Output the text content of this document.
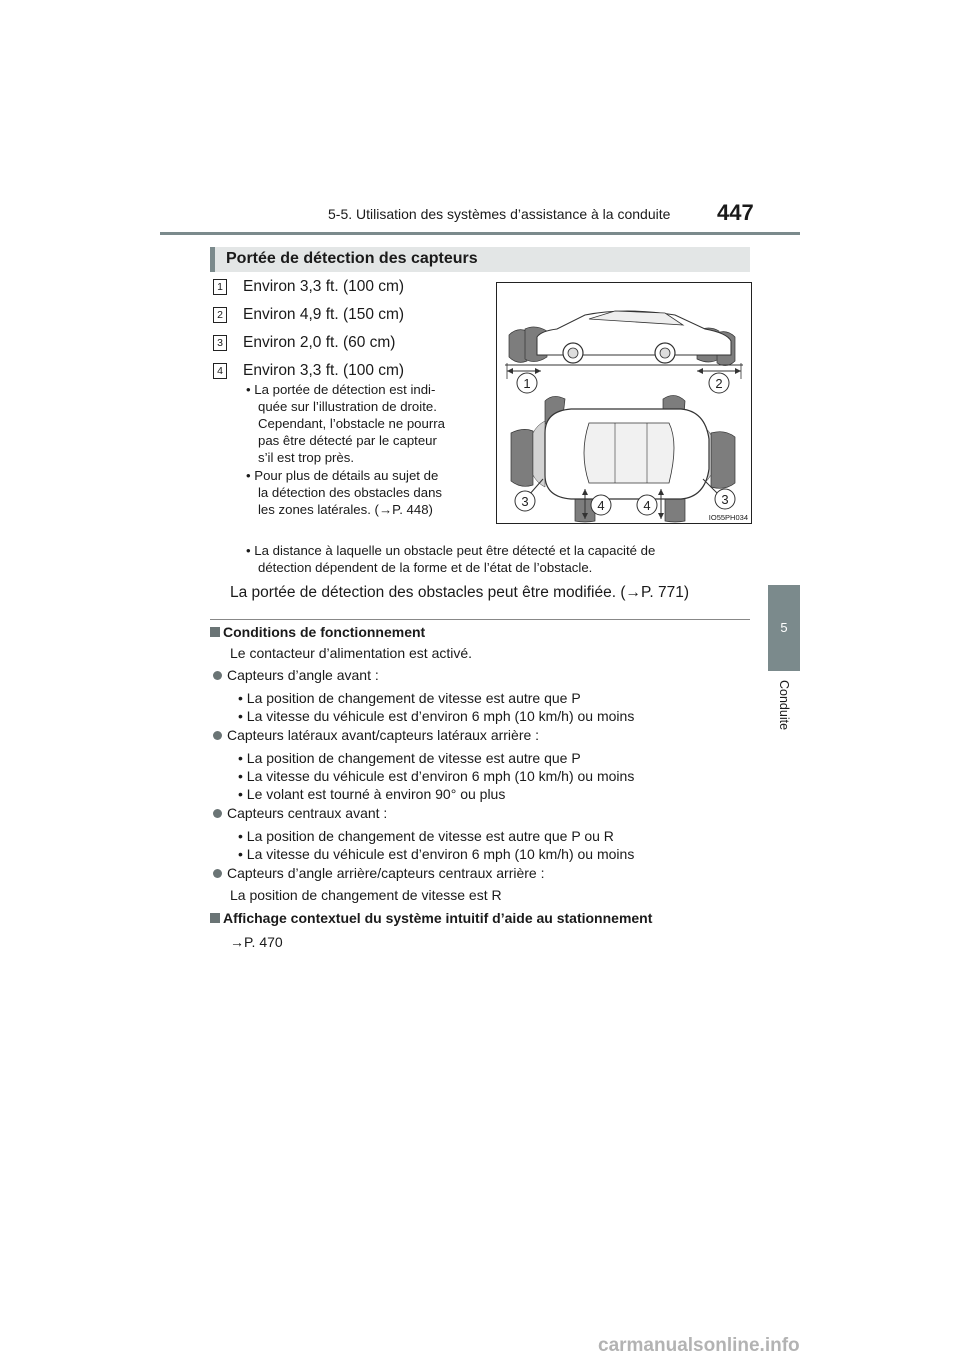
5-5. Utilisation des systèmes d’assistance à la conduite 447
5
Conduite
Portée de détection des capteurs
1 Environ 3,3 ft. (100 cm)
2 Environ 4,9 ft. (150 cm)
3 Environ 2,0 ft. (60 cm)
4 Environ 3,3 ft. (100 cm)
• La portée de détection est indi-
quée sur l’illustration de droite.
Cependant, l’obstacle ne pourra
pas être détecté par le capteur
s’il est trop près.
• Pour plus de détails au sujet de
la détection des obstacles dans
les zones latérales. (→P. 448)
• La distance à laquelle un obstacle peut être détecté et la capacité de
détection dépendent de la forme et de l’état de l’obstacle.
La portée de détection des obstacles peut être modifiée. (→P. 771)
1	2
3	4	4	3
IO55PH034
Conditions de fonctionnement
Le contacteur d’alimentation est activé.
Capteurs d’angle avant :
• La position de changement de vitesse est autre que P
• La vitesse du véhicule est d’environ 6 mph (10 km/h) ou moins
Capteurs latéraux avant/capteurs latéraux arrière :
• La position de changement de vitesse est autre que P
• La vitesse du véhicule est d’environ 6 mph (10 km/h) ou moins
• Le volant est tourné à environ 90° ou plus
Capteurs centraux avant :
• La position de changement de vitesse est autre que P ou R
• La vitesse du véhicule est d’environ 6 mph (10 km/h) ou moins
Capteurs d’angle arrière/capteurs centraux arrière :
La position de changement de vitesse est R
Affichage contextuel du système intuitif d’aide au stationnement
→P. 470
carmanualsonline.info
